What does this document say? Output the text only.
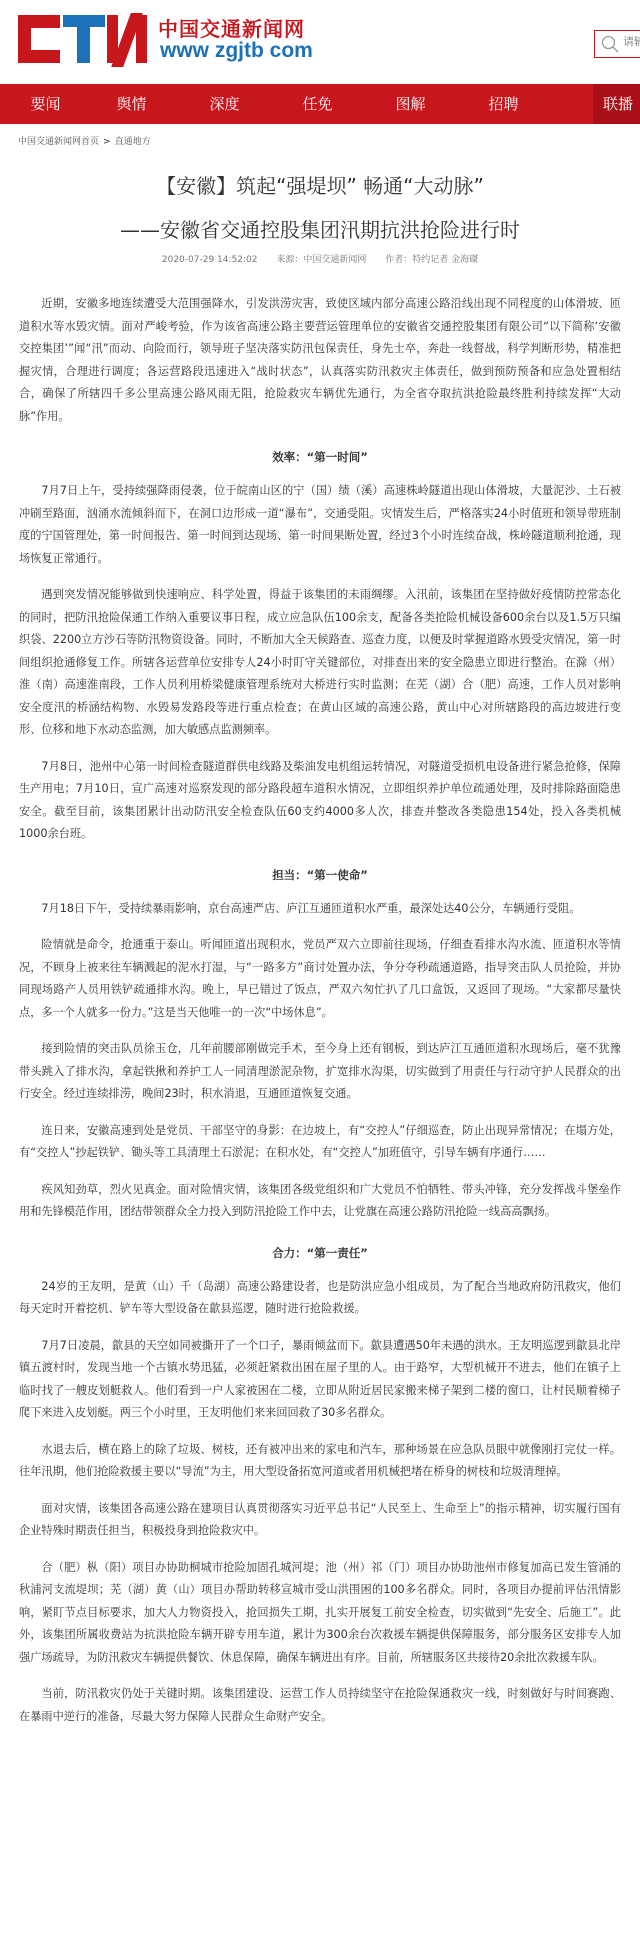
中国交通新闻网
www zgjtb com
请输入关键词
要闻	舆情	深度	任免	图解	招聘	联播
中国交通新闻网首页 > 直通地方
【安徽】筑起“强堤坝” 畅通“大动脉”
——安徽省交通控股集团汛期抗洪抢险进行时
2020-07-29 14:52:02 来源：中国交通新闻网 作者：特约记者 金海磔

近期，安徽多地连续遭受大范围强降水，引发洪涝灾害，致使区域内部分高速公路沿线出现不同程度的山体滑坡、匝道积水等水毁灾情。面对严峻考验，作为该省高速公路主要营运管理单位的安徽省交通控股集团有限公司“以下简称‘安徽交控集团’”闻“汛”而动、向险而行，领导班子坚决落实防汛包保责任，身先士卒，奔赴一线督战，科学判断形势，精准把握灾情，合理进行调度；各运营路段迅速进入“战时状态”，认真落实防汛救灾主体责任，做到预防预备和应急处置相结合，确保了所辖四千多公里高速公路风雨无阻，抢险救灾车辆优先通行，为全省夺取抗洪抢险最终胜利持续发挥“大动脉”作用。

效率：“第一时间”

7月7日上午，受持续强降雨侵袭，位于皖南山区的宁（国）绩（溪）高速株岭隧道出现山体滑坡，大量泥沙、土石被冲刷至路面，汹涌水流倾斜而下，在洞口边形成一道“瀑布”，交通受阻。灾情发生后，严格落实24小时值班和领导带班制度的宁国管理处，第一时间报告、第一时间到达现场、第一时间果断处置，经过3个小时连续奋战，株岭隧道顺利抢通，现场恢复正常通行。

遇到突发情况能够做到快速响应、科学处置，得益于该集团的未雨绸缪。入汛前，该集团在坚持做好疫情防控常态化的同时，把防汛抢险保通工作纳入重要议事日程，成立应急队伍100余支，配备各类抢险机械设备600余台以及1.5万只编织袋、2200立方沙石等防汛物资设备。同时，不断加大全天候路查、巡查力度，以便及时掌握道路水毁受灾情况，第一时间组织抢通修复工作。所辖各运营单位安排专人24小时盯守关键部位，对排查出来的安全隐患立即进行整治。在滁（州）淮（南）高速淮南段，工作人员利用桥梁健康管理系统对大桥进行实时监测；在芜（湖）合（肥）高速，工作人员对影响安全度汛的桥涵结构物、水毁易发路段等进行重点检查；在黄山区域的高速公路，黄山中心对所辖路段的高边坡进行变形、位移和地下水动态监测，加大敏感点监测频率。

7月8日，池州中心第一时间检查隧道群供电线路及柴油发电机组运转情况，对隧道受损机电设备进行紧急抢修，保障生产用电；7月10日，宣广高速对巡察发现的部分路段超车道积水情况，立即组织养护单位疏通处理，及时排除路面隐患安全。截至目前，该集团累计出动防汛安全检查队伍60支约4000多人次，排查并整改各类隐患154处，投入各类机械1000余台班。

担当：“第一使命”

7月18日下午，受持续暴雨影响，京台高速严店、庐江互通匝道积水严重，最深处达40公分，车辆通行受阻。

险情就是命令，抢通重于泰山。听闻匝道出现积水，党员严双六立即前往现场，仔细查看排水沟水流、匝道积水等情况，不顾身上被来往车辆溅起的泥水打湿，与“一路多方”商讨处置办法，争分夺秒疏通道路，指导突击队人员抢险，并协同现场路产人员用铁铲疏通排水沟。晚上，早已错过了饭点，严双六匆忙扒了几口盒饭，又返回了现场。“大家都尽量快点，多一个人就多一份力。”这是当天他唯一的一次“中场休息”。

接到险情的突击队员徐玉仓，几年前腰部刚做完手术，至今身上还有钢板，到达庐江互通匝道积水现场后，毫不犹豫带头跳入了排水沟，拿起铁揪和养护工人一同清理淤泥杂物，扩宽排水沟渠，切实做到了用责任与行动守护人民群众的出行安全。经过连续排涝，晚间23时，积水消退，互通匝道恢复交通。

连日来，安徽高速到处是党员、干部坚守的身影：在边坡上，有“交控人”仔细巡查，防止出现异常情况；在塌方处，有“交控人”抄起铁铲、锄头等工具清理土石淤泥；在积水处，有“交控人”加班值守，引导车辆有序通行……

疾风知劲草，烈火见真金。面对险情灾情，该集团各级党组织和广大党员不怕牺牲、带头冲锋，充分发挥战斗堡垒作用和先锋模范作用，团结带领群众全力投入到防汛抢险工作中去，让党旗在高速公路防汛抢险一线高高飘扬。

合力：“第一责任”

24岁的王友明，是黄（山）千（岛湖）高速公路建设者，也是防洪应急小组成员，为了配合当地政府防汛救灾，他们每天定时开着挖机、铲车等大型设备在歙县巡逻，随时进行抢险救援。

7月7日凌晨，歙县的天空如同被撕开了一个口子，暴雨倾盆而下。歙县遭遇50年未遇的洪水。王友明巡逻到歙县北岸镇五渡村时，发现当地一个古镇水势迅猛，必须赶紧救出困在屋子里的人。由于路窄，大型机械开不进去，他们在镇子上临时找了一艘皮划艇救人。他们看到一户人家被困在二楼，立即从附近居民家搬来梯子架到二楼的窗口，让村民顺着梯子爬下来进入皮划艇。两三个小时里，王友明他们来来回回救了30多名群众。

水退去后，横在路上的除了垃圾、树枝，还有被冲出来的家电和汽车，那种场景在应急队员眼中就像刚打完仗一样。往年汛期，他们抢险救援主要以“导流”为主，用大型设备拓宽河道或者用机械把堵在桥身的树枝和垃圾清理掉。

面对灾情，该集团各高速公路在建项目认真贯彻落实习近平总书记“人民至上、生命至上”的指示精神，切实履行国有企业特殊时期责任担当，积极投身到抢险救灾中。

合（肥）枞（阳）项目办协助桐城市抢险加固孔城河堤；池（州）祁（门）项目办协助池州市修复加高已发生管涌的秋浦河支流堤坝；芜（湖）黄（山）项目办帮助转移宣城市受山洪围困的100多名群众。同时，各项目办提前评估汛情影响，紧盯节点目标要求，加大人力物资投入，抢回损失工期，扎实开展复工前安全检查，切实做到“先安全、后施工”。此外，该集团所属收费站为抗洪抢险车辆开辟专用车道，累计为300余台次救援车辆提供保障服务，部分服务区安排专人加强广场疏导，为防汛救灾车辆提供餐饮、休息保障，确保车辆进出有序。目前，所辖服务区共接待20余批次救援车队。

当前，防汛救灾仍处于关键时期。该集团建设、运营工作人员持续坚守在抢险保通救灾一线，时刻做好与时间赛跑、在暴雨中逆行的准备，尽最大努力保障人民群众生命财产安全。
